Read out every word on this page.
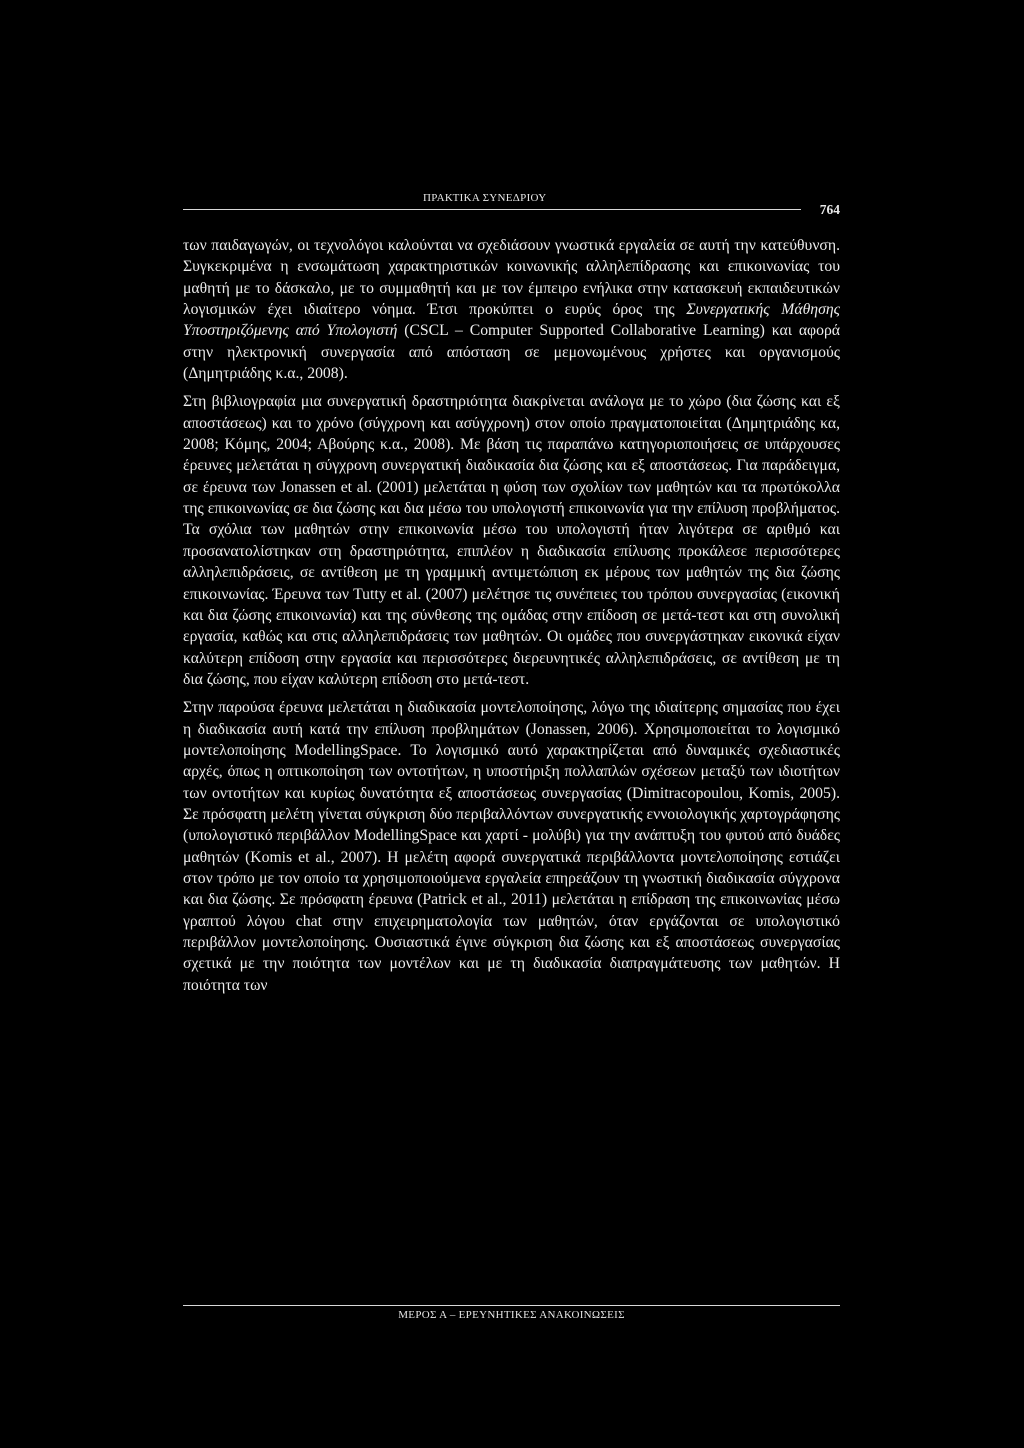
ΠΡΑΚΤΙΚΑ ΣΥΝΕΔΡΙΟΥ
764

των παιδαγωγών, οι τεχνολόγοι καλούνται να σχεδιάσουν γνωστικά εργαλεία σε αυτή την κατεύθυνση. Συγκεκριμένα η ενσωμάτωση χαρακτηριστικών κοινωνικής αλληλεπίδρασης και επικοινωνίας του μαθητή με το δάσκαλο, με το συμμαθητή και με τον έμπειρο ενήλικα στην κατασκευή εκπαιδευτικών λογισμικών έχει ιδιαίτερο νόημα. Έτσι προκύπτει ο ευρύς όρος της Συνεργατικής Μάθησης Υποστηριζόμενης από Υπολογιστή (CSCL – Computer Supported Collaborative Learning) και αφορά στην ηλεκτρονική συνεργασία από απόσταση σε μεμονωμένους χρήστες και οργανισμούς (Δημητριάδης κ.α., 2008).

Στη βιβλιογραφία μια συνεργατική δραστηριότητα διακρίνεται ανάλογα με το χώρο (δια ζώσης και εξ αποστάσεως) και το χρόνο (σύγχρονη και ασύγχρονη) στον οποίο πραγματοποιείται (Δημητριάδης κα, 2008; Κόμης, 2004; Αβούρης κ.α., 2008). Με βάση τις παραπάνω κατηγοριοποιήσεις σε υπάρχουσες έρευνες μελετάται η σύγχρονη συνεργατική διαδικασία δια ζώσης και εξ αποστάσεως. Για παράδειγμα, σε έρευνα των Jonassen et al. (2001) μελετάται η φύση των σχολίων των μαθητών και τα πρωτόκολλα της επικοινωνίας σε δια ζώσης και δια μέσω του υπολογιστή επικοινωνία για την επίλυση προβλήματος. Τα σχόλια των μαθητών στην επικοινωνία μέσω του υπολογιστή ήταν λιγότερα σε αριθμό και προσανατολίστηκαν στη δραστηριότητα, επιπλέον η διαδικασία επίλυσης προκάλεσε περισσότερες αλληλεπιδράσεις, σε αντίθεση με τη γραμμική αντιμετώπιση εκ μέρους των μαθητών της δια ζώσης επικοινωνίας. Έρευνα των Tutty et al. (2007) μελέτησε τις συνέπειες του τρόπου συνεργασίας (εικονική και δια ζώσης επικοινωνία) και της σύνθεσης της ομάδας στην επίδοση σε μετά-τεστ και στη συνολική εργασία, καθώς και στις αλληλεπιδράσεις των μαθητών. Οι ομάδες που συνεργάστηκαν εικονικά είχαν καλύτερη επίδοση στην εργασία και περισσότερες διερευνητικές αλληλεπιδράσεις, σε αντίθεση με τη δια ζώσης, που είχαν καλύτερη επίδοση στο μετά-τεστ.

Στην παρούσα έρευνα μελετάται η διαδικασία μοντελοποίησης, λόγω της ιδιαίτερης σημασίας που έχει η διαδικασία αυτή κατά την επίλυση προβλημάτων (Jonassen, 2006). Χρησιμοποιείται το λογισμικό μοντελοποίησης ModellingSpace. Το λογισμικό αυτό χαρακτηρίζεται από δυναμικές σχεδιαστικές αρχές, όπως η οπτικοποίηση των οντοτήτων, η υποστήριξη πολλαπλών σχέσεων μεταξύ των ιδιοτήτων των οντοτήτων και κυρίως δυνατότητα εξ αποστάσεως συνεργασίας (Dimitracopoulou, Komis, 2005). Σε πρόσφατη μελέτη γίνεται σύγκριση δύο περιβαλλόντων συνεργατικής εννοιολογικής χαρτογράφησης (υπολογιστικό περιβάλλον ModellingSpace και χαρτί - μολύβι) για την ανάπτυξη του φυτού από δυάδες μαθητών (Komis et al., 2007). Η μελέτη αφορά συνεργατικά περιβάλλοντα μοντελοποίησης εστιάζει στον τρόπο με τον οποίο τα χρησιμοποιούμενα εργαλεία επηρεάζουν τη γνωστική διαδικασία σύγχρονα και δια ζώσης. Σε πρόσφατη έρευνα (Patrick et al., 2011) μελετάται η επίδραση της επικοινωνίας μέσω γραπτού λόγου chat στην επιχειρηματολογία των μαθητών, όταν εργάζονται σε υπολογιστικό περιβάλλον μοντελοποίησης. Ουσιαστικά έγινε σύγκριση δια ζώσης και εξ αποστάσεως συνεργασίας σχετικά με την ποιότητα των μοντέλων και με τη διαδικασία διαπραγμάτευσης των μαθητών. Η ποιότητα των

ΜΕΡΟΣ Α – ΕΡΕΥΝΗΤΙΚΕΣ ΑΝΑΚΟΙΝΩΣΕΙΣ
